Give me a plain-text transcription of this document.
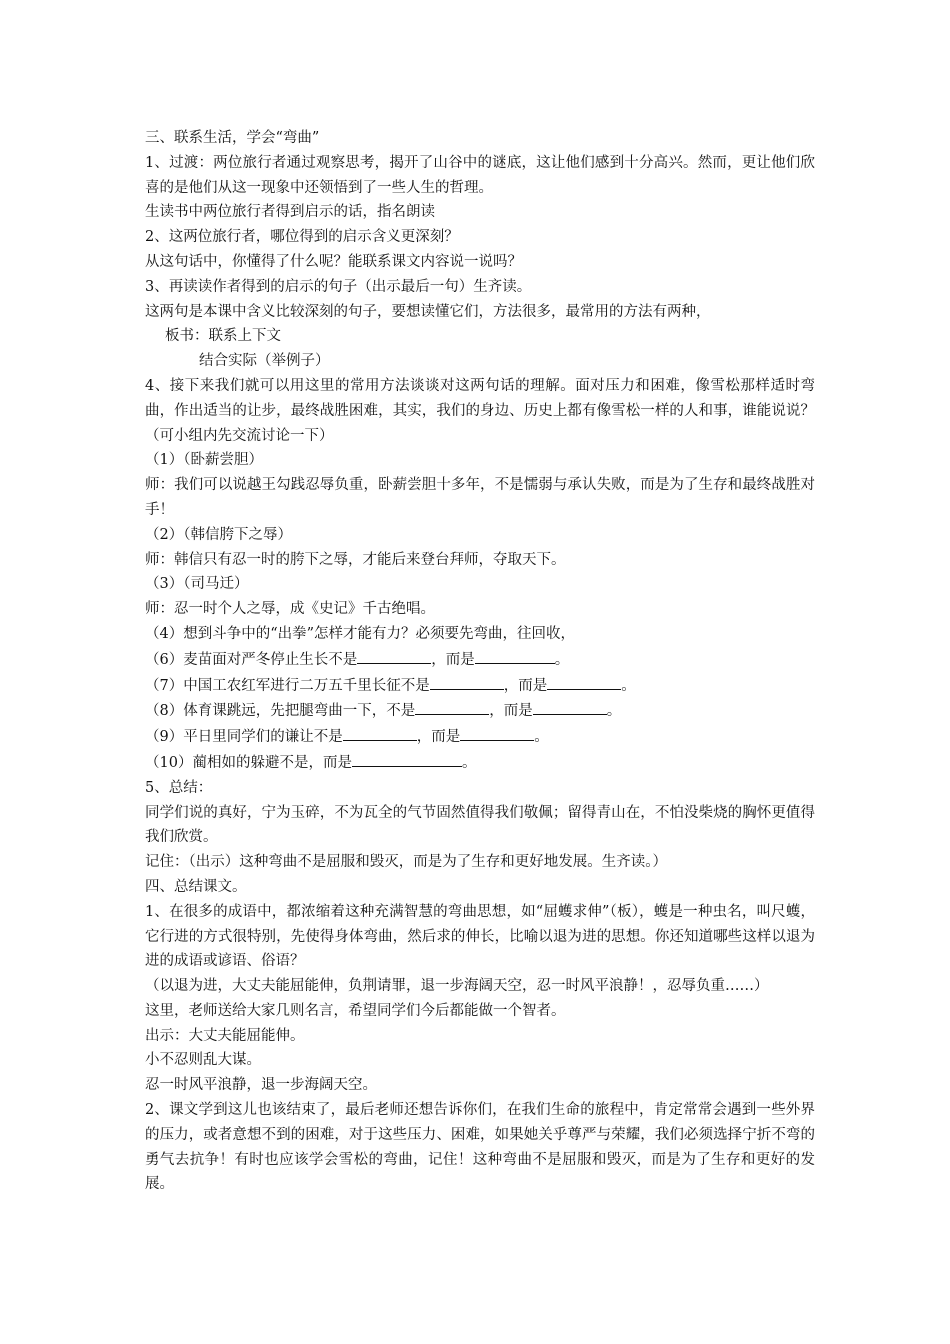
三、联系生活，学会“弯曲”

1、过渡：两位旅行者通过观察思考，揭开了山谷中的谜底，这让他们感到十分高兴。然而，更让他们欣喜的是他们从这一现象中还领悟到了一些人生的哲理。

生读书中两位旅行者得到启示的话，指名朗读

2、这两位旅行者，哪位得到的启示含义更深刻？

从这句话中，你懂得了什么呢？能联系课文内容说一说吗？

3、再读读作者得到的启示的句子（出示最后一句）生齐读。

这两句是本课中含义比较深刻的句子，要想读懂它们，方法很多，最常用的方法有两种，

板书：联系上下文

结合实际（举例子）

4、接下来我们就可以用这里的常用方法谈谈对这两句话的理解。面对压力和困难，像雪松那样适时弯曲，作出适当的让步，最终战胜困难，其实，我们的身边、历史上都有像雪松一样的人和事，谁能说说？（可小组内先交流讨论一下）

（1）（卧薪尝胆）

师：我们可以说越王勾践忍辱负重，卧薪尝胆十多年，不是懦弱与承认失败，而是为了生存和最终战胜对手！

（2）（韩信胯下之辱）

师：韩信只有忍一时的胯下之辱，才能后来登台拜师，夺取天下。

（3）（司马迁）

师：忍一时个人之辱，成《史记》千古绝唱。

（4）想到斗争中的“出拳”怎样才能有力？必须要先弯曲，往回收，

（6）麦苗面对严冬停止生长不是	，而是	。

（7）中国工农红军进行二万五千里长征不是	，而是	。

（8）体育课跳远，先把腿弯曲一下，不是	，而是	。

（9）平日里同学们的谦让不是	，而是	。

（10）蔺相如的躲避不是，而是	。

5、总结：

同学们说的真好，宁为玉碎，不为瓦全的气节固然值得我们敬佩；留得青山在，不怕没柴烧的胸怀更值得我们欣赏。

记住：（出示）这种弯曲不是屈服和毁灭，而是为了生存和更好地发展。生齐读。）

四、总结课文。

1、在很多的成语中，都浓缩着这种充满智慧的弯曲思想，如“屈蠖求伸”（板），蠖是一种虫名，叫尺蠖，它行进的方式很特别，先使得身体弯曲，然后求的伸长，比喻以退为进的思想。你还知道哪些这样以退为进的成语或谚语、俗语？

（以退为进，大丈夫能屈能伸，负荆请罪，退一步海阔天空，忍一时风平浪静！，忍辱负重……）

这里，老师送给大家几则名言，希望同学们今后都能做一个智者。

出示：大丈夫能屈能伸。

小不忍则乱大谋。

忍一时风平浪静，退一步海阔天空。

2、课文学到这儿也该结束了，最后老师还想告诉你们，在我们生命的旅程中，肯定常常会遇到一些外界的压力，或者意想不到的困难，对于这些压力、困难，如果她关乎尊严与荣耀，我们必须选择宁折不弯的勇气去抗争！有时也应该学会雪松的弯曲，记住！这种弯曲不是屈服和毁灭，而是为了生存和更好的发展。
